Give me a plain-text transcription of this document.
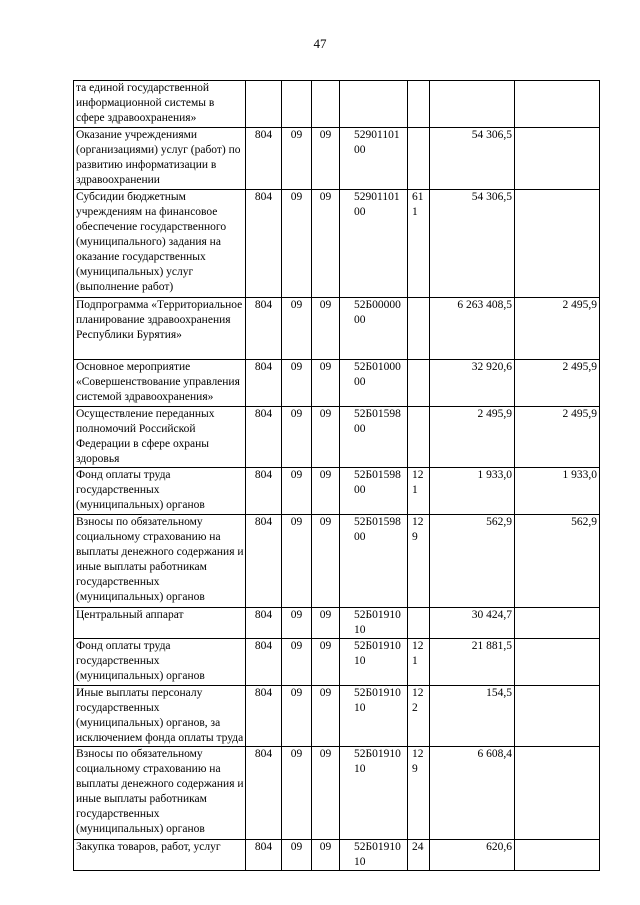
47
та единой государственной информационной системы в сфере здравоохранения»							
Оказание учреждениями (организациями) услуг (работ) по развитию информатизации в здравоохранении	804	09	09	5290110100		54 306,5	
Субсидии бюджетным учреждениям на финансовое обеспечение государственного (муниципального) задания на оказание государственных (муниципальных) услуг (выполнение работ)	804	09	09	5290110100	611	54 306,5	
Подпрограмма «Территориальное планирование здравоохранения Республики Бурятия»	804	09	09	52Б0000000		6 263 408,5	2 495,9
Основное мероприятие «Совершенствование управления системой здравоохранения»	804	09	09	52Б0100000		32 920,6	2 495,9
Осуществление переданных полномочий Российской Федерации в сфере охраны здоровья	804	09	09	52Б0159800		2 495,9	2 495,9
Фонд оплаты труда государственных (муниципальных) органов	804	09	09	52Б0159800	121	1 933,0	1 933,0
Взносы по обязательному социальному страхованию на выплаты денежного содержания и иные выплаты работникам государственных (муниципальных) органов	804	09	09	52Б0159800	129	562,9	562,9
Центральный аппарат	804	09	09	52Б0191010		30 424,7	
Фонд оплаты труда государственных (муниципальных) органов	804	09	09	52Б0191010	121	21 881,5	
Иные выплаты персоналу государственных (муниципальных) органов, за исключением фонда оплаты труда	804	09	09	52Б0191010	122	154,5	
Взносы по обязательному социальному страхованию на выплаты денежного содержания и иные выплаты работникам государственных (муниципальных) органов	804	09	09	52Б0191010	129	6 608,4	
Закупка товаров, работ, услуг	804	09	09	52Б0191010	24	620,6	
